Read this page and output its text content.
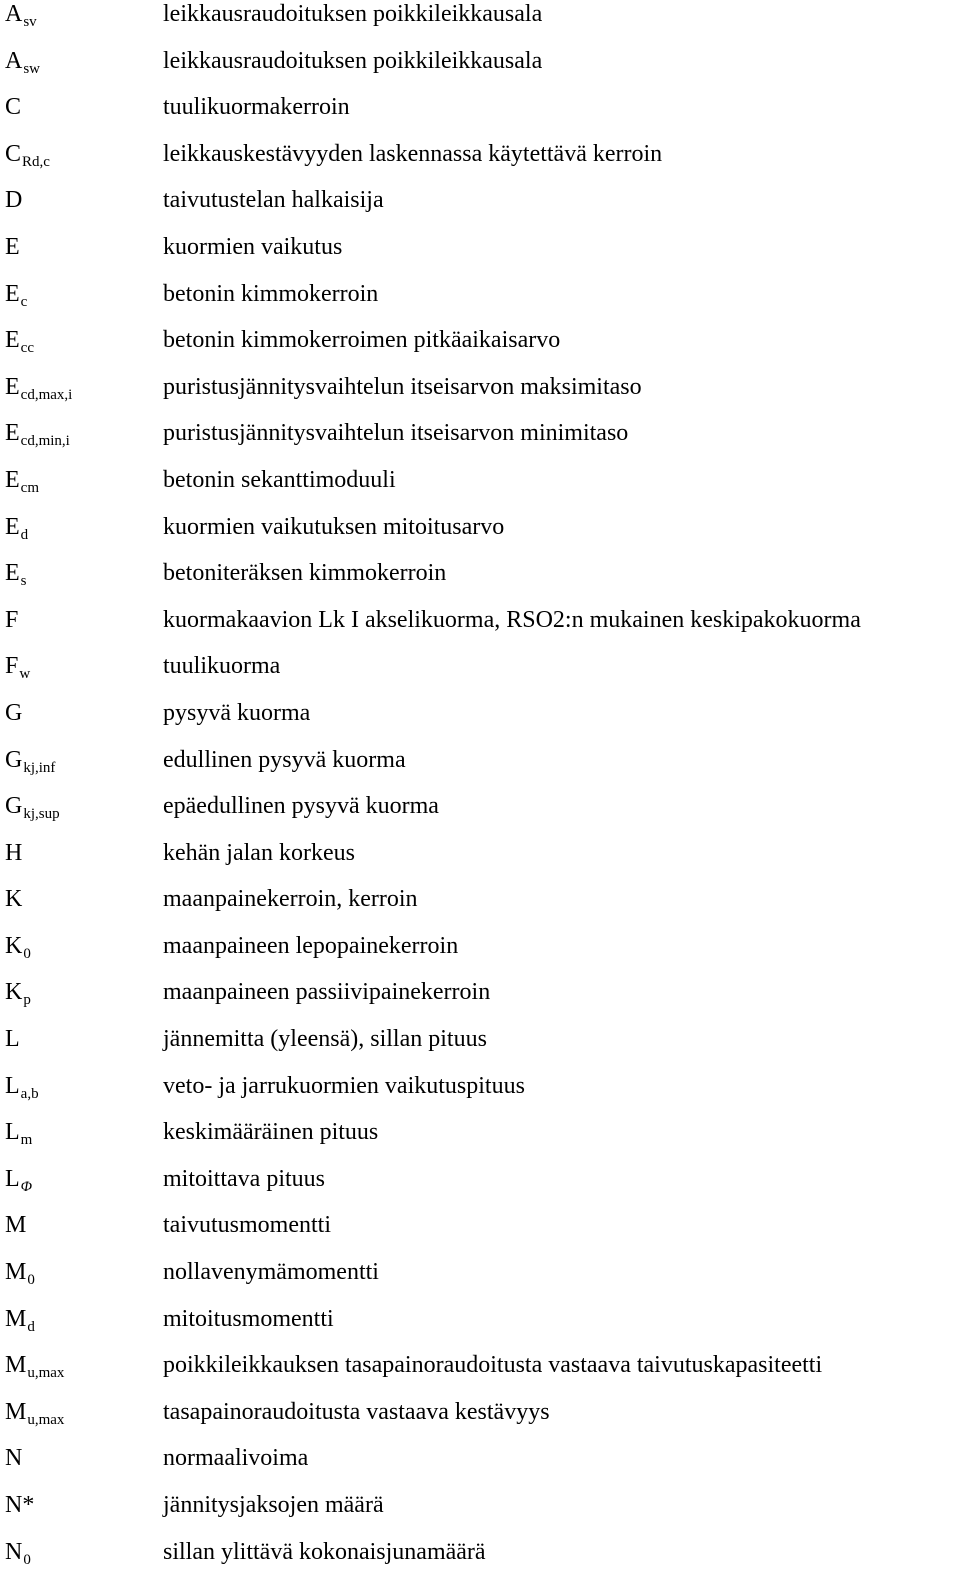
$A_{sv}$	leikkausraudoituksen poikkileikkausala
$A_{sw}$	leikkausraudoituksen poikkileikkausala
C	tuulikuormakerroin
$C_{Rd,c}$	leikkauskestävyyden laskennassa käytettävä kerroin
D	taivutustelan halkaisija
E	kuormien vaikutus
$E_c$	betonin kimmokerroin
$E_{cc}$	betonin kimmokerroimen pitkäaikaisarvo
$E_{cd,max,i}$	puristusjännitysvaihtelun itseisarvon maksimitaso
$E_{cd,min,i}$	puristusjännitysvaihtelun itseisarvon minimitaso
$E_{cm}$	betonin sekanttimoduuli
$E_d$	kuormien vaikutuksen mitoitusarvo
$E_s$	betoniteräksen kimmokerroin
F	kuormakaavion Lk I akselikuorma, RSO2:n mukainen keskipakokuorma
$F_w$	tuulikuorma
G	pysyvä kuorma
$G_{kj,inf}$	edullinen pysyvä kuorma
$G_{kj,sup}$	epäedullinen pysyvä kuorma
H	kehän jalan korkeus
K	maanpainekerroin, kerroin
$K_0$	maanpaineen lepopainekerroin
$K_p$	maanpaineen passiivipainekerroin
L	jännemitta (yleensä), sillan pituus
$L_{a,b}$	veto- ja jarrukuormien vaikutuspituus
$L_m$	keskimääräinen pituus
$L_\Phi$	mitoittava pituus
M	taivutusmomentti
$M_0$	nollavenymämomentti
$M_d$	mitoitusmomentti
$M_{u,max}$	poikkileikkauksen tasapainoraudoitusta vastaava taivutuskapasiteetti
$M_{u,max}$	tasapainoraudoitusta vastaava kestävyys
N	normaalivoima
N*	jännitysjaksojen määrä
$N_0$	sillan ylittävä kokonaisjunamäärä
